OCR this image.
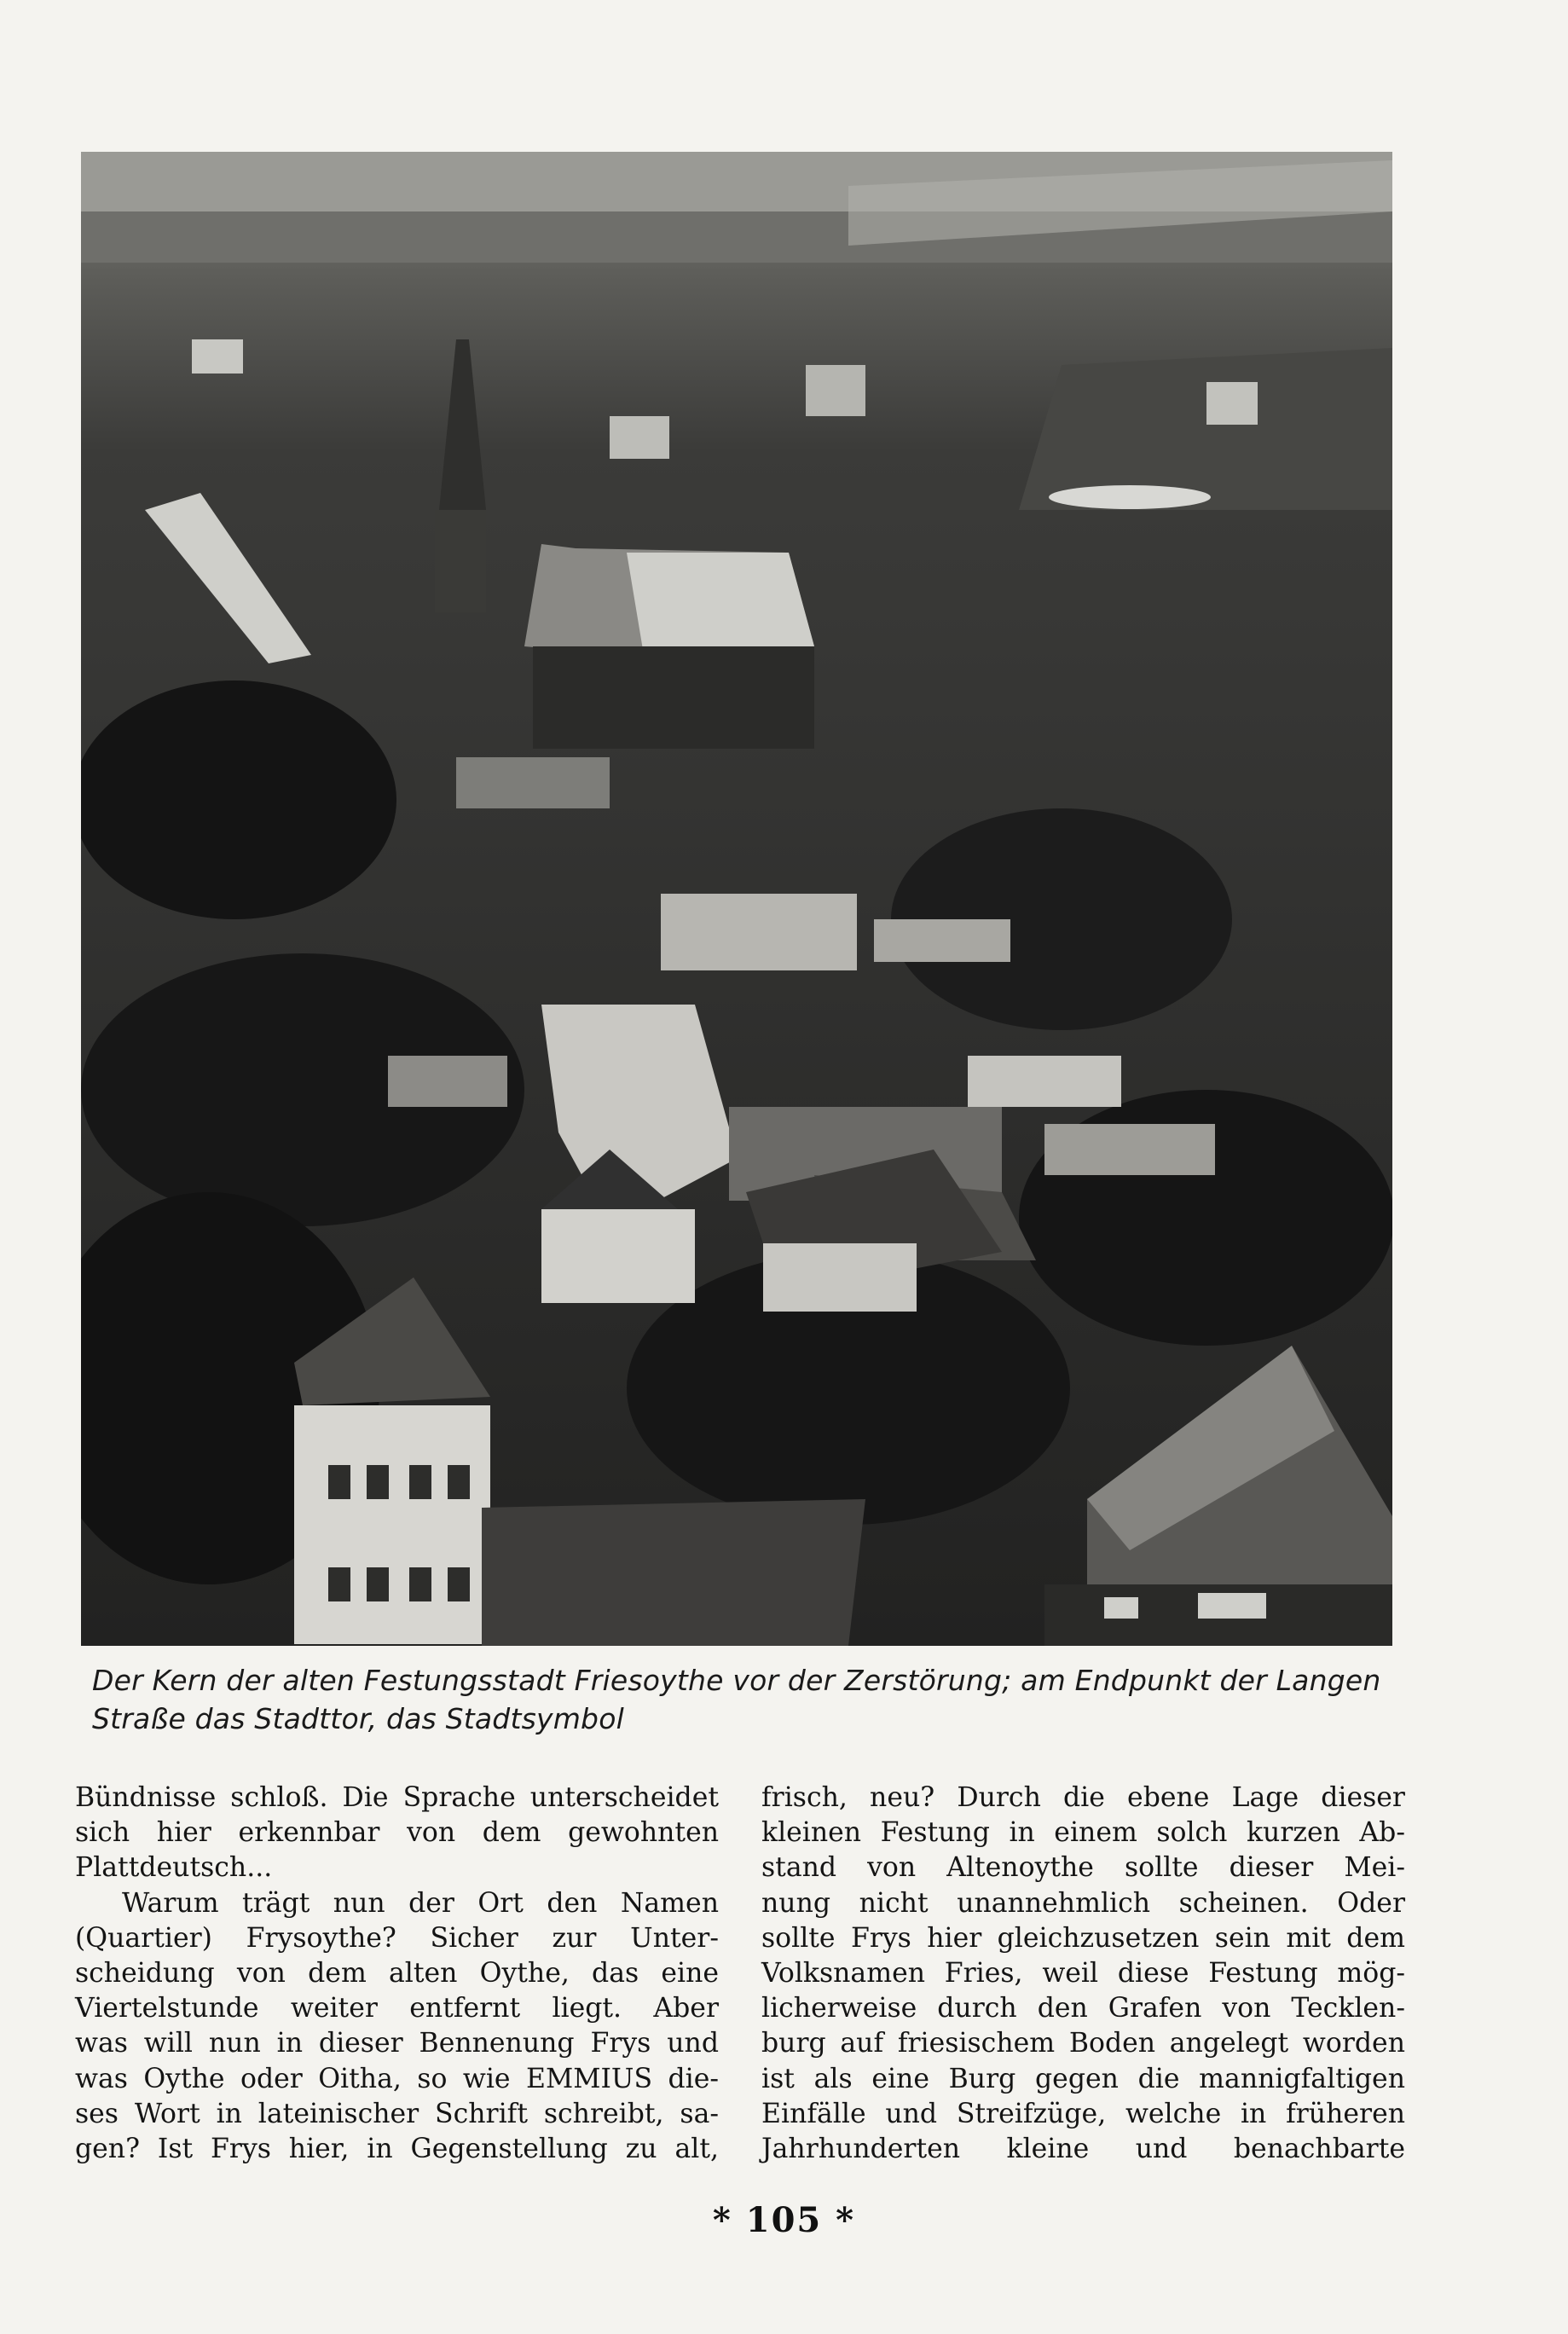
Der Kern der alten Festungsstadt Friesoythe vor der Zerstörung; am Endpunkt der Langen
Straße das Stadttor, das Stadtsymbol
Bündnisse schloß. Die Sprache unterscheidet
sich hier erkennbar von dem gewohnten
Plattdeutsch...
Warum trägt nun der Ort den Namen
(Quartier) Frysoythe? Sicher zur Unter-
scheidung von dem alten Oythe, das eine
Viertelstunde weiter entfernt liegt. Aber
was will nun in dieser Bennenung Frys und
was Oythe oder Oitha, so wie EMMIUS die-
ses Wort in lateinischer Schrift schreibt, sa-
gen? Ist Frys hier, in Gegenstellung zu alt,
frisch, neu? Durch die ebene Lage dieser
kleinen Festung in einem solch kurzen Ab-
stand von Altenoythe sollte dieser Mei-
nung nicht unannehmlich scheinen. Oder
sollte Frys hier gleichzusetzen sein mit dem
Volksnamen Fries, weil diese Festung mög-
licherweise durch den Grafen von Tecklen-
burg auf friesischem Boden angelegt worden
ist als eine Burg gegen die mannigfaltigen
Einfälle und Streifzüge, welche in früheren
Jahrhunderten kleine und benachbarte
* 105 *
